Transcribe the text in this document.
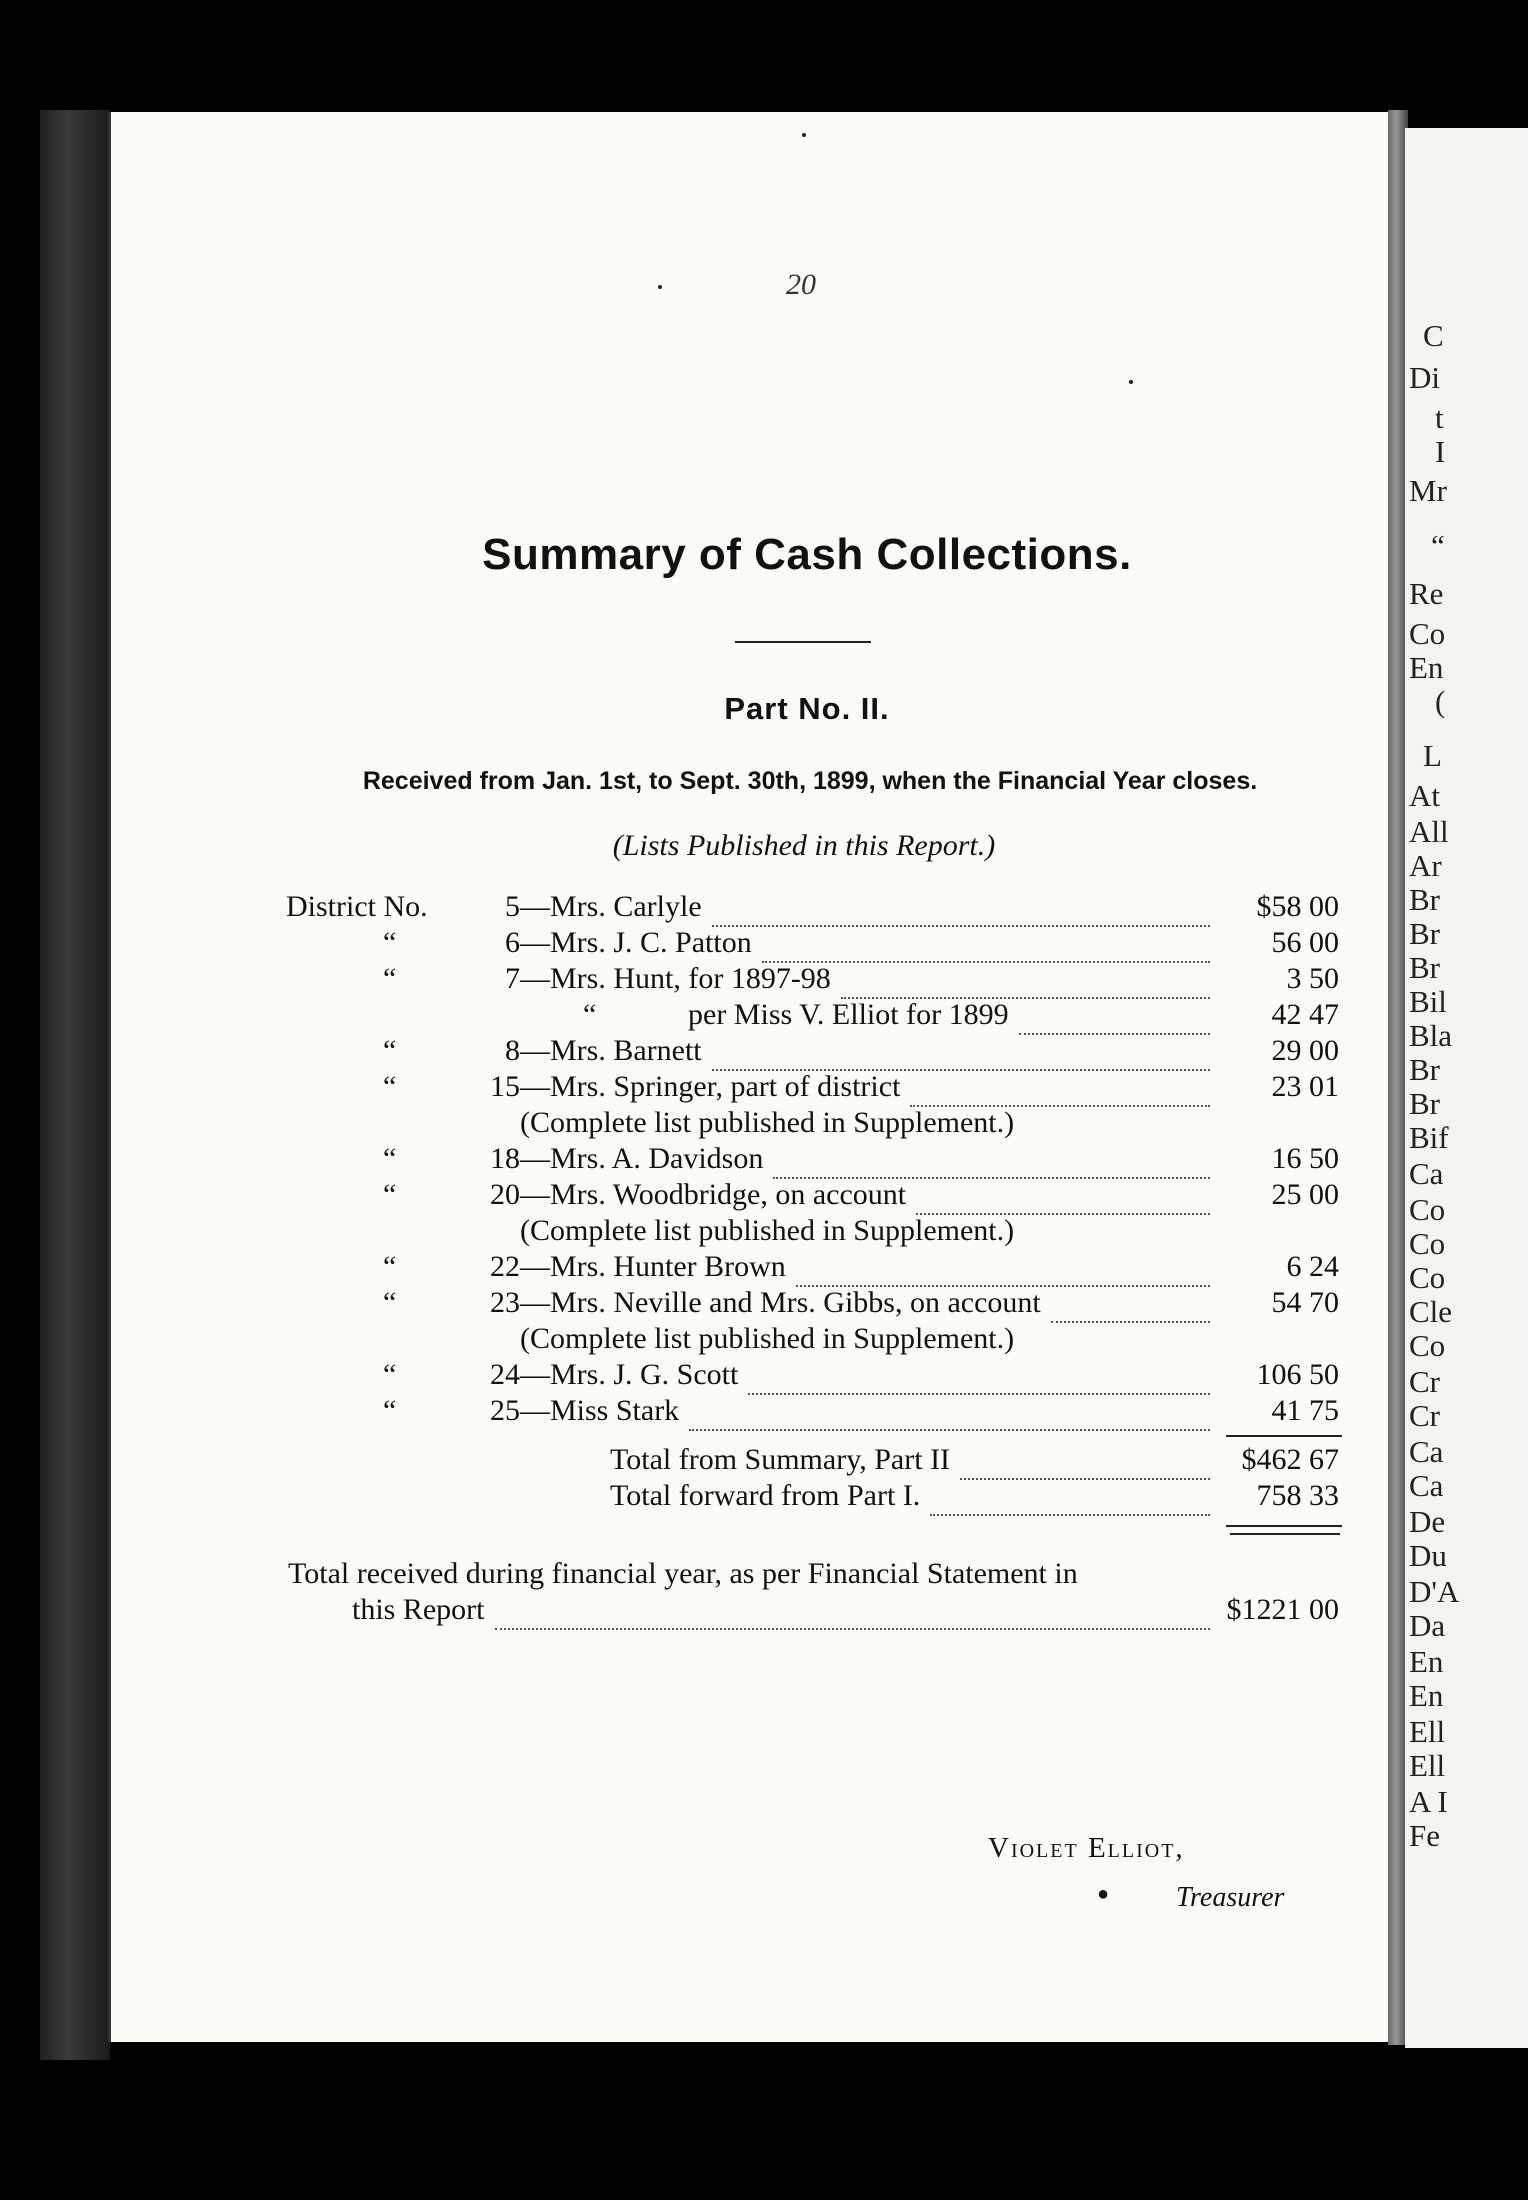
C
Di
t
I
Mr
“
Re
Co
En
(
L
At
All
Ar
Br
Br
Br
Bil
Bla
Br
Br
Bif
Ca
Co
Co
Co
Cle
Co
Cr
Cr
Ca
Ca
De
Du
D'A
Da
En
En
Ell
Ell
A I
Fe
20
Summary of Cash Collections.
Part No. II.
Received from Jan. 1st, to Sept. 30th, 1899, when the Financial Year closes.
(Lists Published in this Report.)
District No.	5 —Mrs. Carlyle	$58 00
“	6 —Mrs. J. C. Patton	56 00
“	7 —Mrs. Hunt, for 1897-98	3 50
“	per Miss V. Elliot for 1899	42 47
“	8 —Mrs. Barnett	29 00
“	15 —Mrs. Springer, part of district	23 01
(Complete list published in Supplement.)
“	18 —Mrs. A. Davidson	16 50
“	20 —Mrs. Woodbridge, on account	25 00
(Complete list published in Supplement.)
“	22 —Mrs. Hunter Brown	6 24
“	23 —Mrs. Neville and Mrs. Gibbs, on account	54 70
(Complete list published in Supplement.)
“	24 —Mrs. J. G. Scott	106 50
“	25 —Miss Stark	41 75
Total from Summary, Part II	$462 67
Total forward from Part I.	758 33
Total received during financial year, as per Financial Statement in
this Report	$1221 00
Violet Elliot,
● Treasurer
